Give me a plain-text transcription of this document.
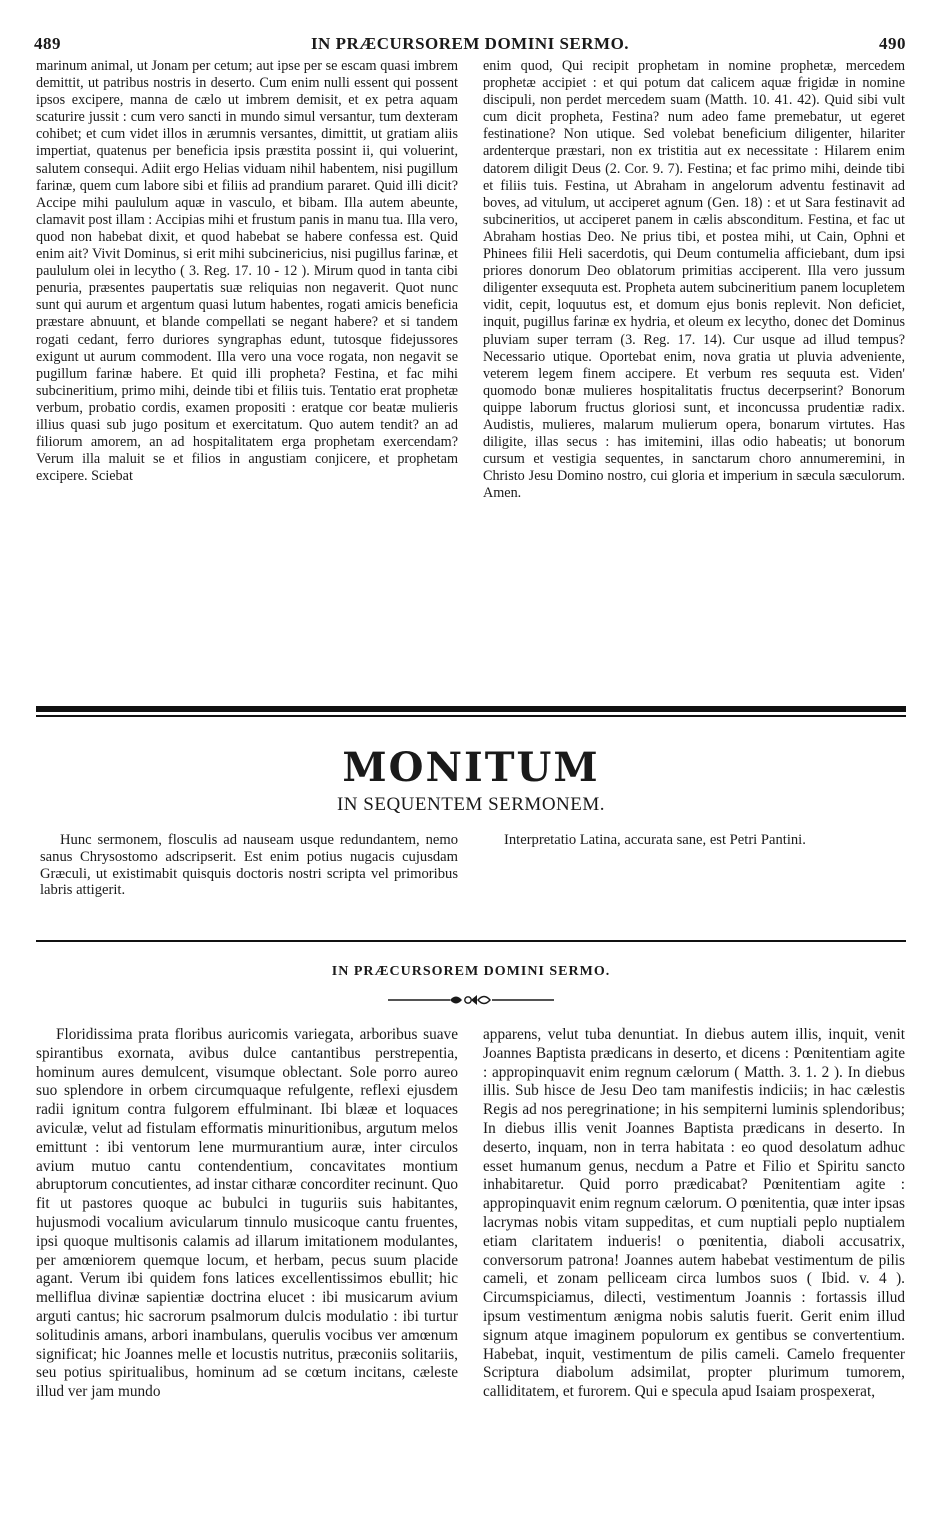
489	IN PRÆCURSOREM DOMINI SERMO.	490

marinum animal, ut Jonam per cetum; aut ipse per se escam quasi imbrem demittit, ut patribus nostris in deserto. Cum enim nulli essent qui possent ipsos excipere, manna de cælo ut imbrem demisit, et ex petra aquam scaturire jussit : cum vero sancti in mundo simul versantur, tum dexteram cohibet; et cum videt illos in ærumnis versantes, dimittit, ut gratiam aliis impertiat, quatenus per beneficia ipsis præstita possint ii, qui voluerint, salutem consequi. Adiit ergo Helias viduam nihil habentem, nisi pugillum farinæ, quem cum labore sibi et filiis ad prandium pararet. Quid illi dicit? Accipe mihi paululum aquæ in vasculo, et bibam. Illa autem abeunte, clamavit post illam : Accipias mihi et frustum panis in manu tua. Illa vero, quod non habebat dixit, et quod habebat se habere confessa est. Quid enim ait? Vivit Dominus, si erit mihi subcinericius, nisi pugillus farinæ, et paululum olei in lecytho ( 3. Reg. 17. 10 - 12 ). Mirum quod in tanta cibi penuria, præsentes paupertatis suæ reliquias non negaverit. Quot nunc sunt qui aurum et argentum quasi lutum habentes, rogati amicis beneficia præstare abnuunt, et blande compellati se negant habere? et si tandem rogati cedant, ferro duriores syngraphas edunt, tutosque fidejussores exigunt ut aurum commodent. Illa vero una voce rogata, non negavit se pugillum farinæ habere. Et quid illi propheta? Festina, et fac mihi subcineritium, primo mihi, deinde tibi et filiis tuis. Tentatio erat prophetæ verbum, probatio cordis, examen propositi : eratque cor beatæ mulieris illius quasi sub jugo positum et exercitatum. Quo autem tendit? an ad filiorum amorem, an ad hospitalitatem erga prophetam exercendam? Verum illa maluit se et filios in angustiam conjicere, et prophetam excipere. Sciebat

enim quod, Qui recipit prophetam in nomine prophetæ, mercedem prophetæ accipiet : et qui potum dat calicem aquæ frigidæ in nomine discipuli, non perdet mercedem suam (Matth. 10. 41. 42). Quid sibi vult cum dicit propheta, Festina? num adeo fame premebatur, ut egeret festinatione? Non utique. Sed volebat beneficium diligenter, hilariter ardenterque præstari, non ex tristitia aut ex necessitate : Hilarem enim datorem diligit Deus (2. Cor. 9. 7). Festina; et fac primo mihi, deinde tibi et filiis tuis. Festina, ut Abraham in angelorum adventu festinavit ad boves, ad vitulum, ut acciperet agnum (Gen. 18) : et ut Sara festinavit ad subcineritios, ut acciperet panem in cælis absconditum. Festina, et fac ut Abraham hostias Deo. Ne prius tibi, et postea mihi, ut Cain, Ophni et Phinees filii Heli sacerdotis, qui Deum contumelia afficiebant, dum ipsi priores donorum Deo oblatorum primitias acciperent. Illa vero jussum diligenter exsequuta est. Propheta autem subcineritium panem locupletem vidit, cepit, loquutus est, et domum ejus bonis replevit. Non deficiet, inquit, pugillus farinæ ex hydria, et oleum ex lecytho, donec det Dominus pluviam super terram (3. Reg. 17. 14). Cur usque ad illud tempus? Necessario utique. Oportebat enim, nova gratia ut pluvia adveniente, veterem legem finem accipere. Et verbum res sequuta est. Viden' quomodo bonæ mulieres hospitalitatis fructus decerpserint? Bonorum quippe laborum fructus gloriosi sunt, et inconcussa prudentiæ radix. Audistis, mulieres, malarum mulierum opera, bonarum virtutes. Has diligite, illas secus : has imitemini, illas odio habeatis; ut bonorum cursum et vestigia sequentes, in sanctarum choro annumeremini, in Christo Jesu Domino nostro, cui gloria et imperium in sæcula sæculorum. Amen.

MONITUM
IN SEQUENTEM SERMONEM.

Hunc sermonem, flosculis ad nauseam usque redundantem, nemo sanus Chrysostomo adscripserit. Est enim potius nugacis cujusdam Græculi, ut existimabit quisquis doctoris nostri scripta vel primoribus labris attigerit.

Interpretatio Latina, accurata sane, est Petri Pantini.

IN PRÆCURSOREM DOMINI SERMO.

Floridissima prata floribus auricomis variegata, arboribus suave spirantibus exornata, avibus dulce cantantibus perstrepentia, hominum aures demulcent, visumque oblectant. Sole porro aureo suo splendore in orbem circumquaque refulgente, reflexi ejusdem radii ignitum contra fulgorem effulminant. Ibi blææ et loquaces aviculæ, velut ad fistulam efformatis minuritionibus, argutum melos emittunt : ibi ventorum lene murmurantium auræ, inter circulos avium mutuo cantu contendentium, concavitates montium abruptorum concutientes, ad instar citharæ concorditer recinunt. Quo fit ut pastores quoque ac bubulci in tuguriis suis habitantes, hujusmodi vocalium avicularum tinnulo musicoque cantu fruentes, ipsi quoque multisonis calamis ad illarum imitationem modulantes, per amœniorem quemque locum, et herbam, pecus suum placide agant. Verum ibi quidem fons latices excellentissimos ebullit; hic melliflua divinæ sapientiæ doctrina elucet : ibi musicarum avium arguti cantus; hic sacrorum psalmorum dulcis modulatio : ibi turtur solitudinis amans, arbori inambulans, querulis vocibus ver amœnum significat; hic Joannes melle et locustis nutritus, præconiis solitariis, seu potius spiritualibus, hominum ad se cœtum incitans, cæleste illud ver jam mundo

apparens, velut tuba denuntiat. In diebus autem illis, inquit, venit Joannes Baptista prædicans in deserto, et dicens : Pœnitentiam agite : appropinquavit enim regnum cælorum ( Matth. 3. 1. 2 ). In diebus illis. Sub hisce de Jesu Deo tam manifestis indiciis; in hac cælestis Regis ad nos peregrinatione; in his sempiterni luminis splendoribus; In diebus illis venit Joannes Baptista prædicans in deserto. In deserto, inquam, non in terra habitata : eo quod desolatum adhuc esset humanum genus, necdum a Patre et Filio et Spiritu sancto inhabitaretur. Quid porro prædicabat? Pœnitentiam agite : appropinquavit enim regnum cælorum. O pœnitentia, quæ inter ipsas lacrymas nobis vitam suppeditas, et cum nuptiali peplo nuptialem etiam claritatem indueris! o pœnitentia, diaboli accusatrix, conversorum patrona! Joannes autem habebat vestimentum de pilis cameli, et zonam pelliceam circa lumbos suos ( Ibid. v. 4 ). Circumspiciamus, dilecti, vestimentum Joannis : fortassis illud ipsum vestimentum ænigma nobis salutis fuerit. Gerit enim illud signum atque imaginem populorum ex gentibus se convertentium. Habebat, inquit, vestimentum de pilis cameli. Camelo frequenter Scriptura diabolum adsimilat, propter plurimum tumorem, calliditatem, et furorem. Qui e specula apud Isaiam prospexerat,
